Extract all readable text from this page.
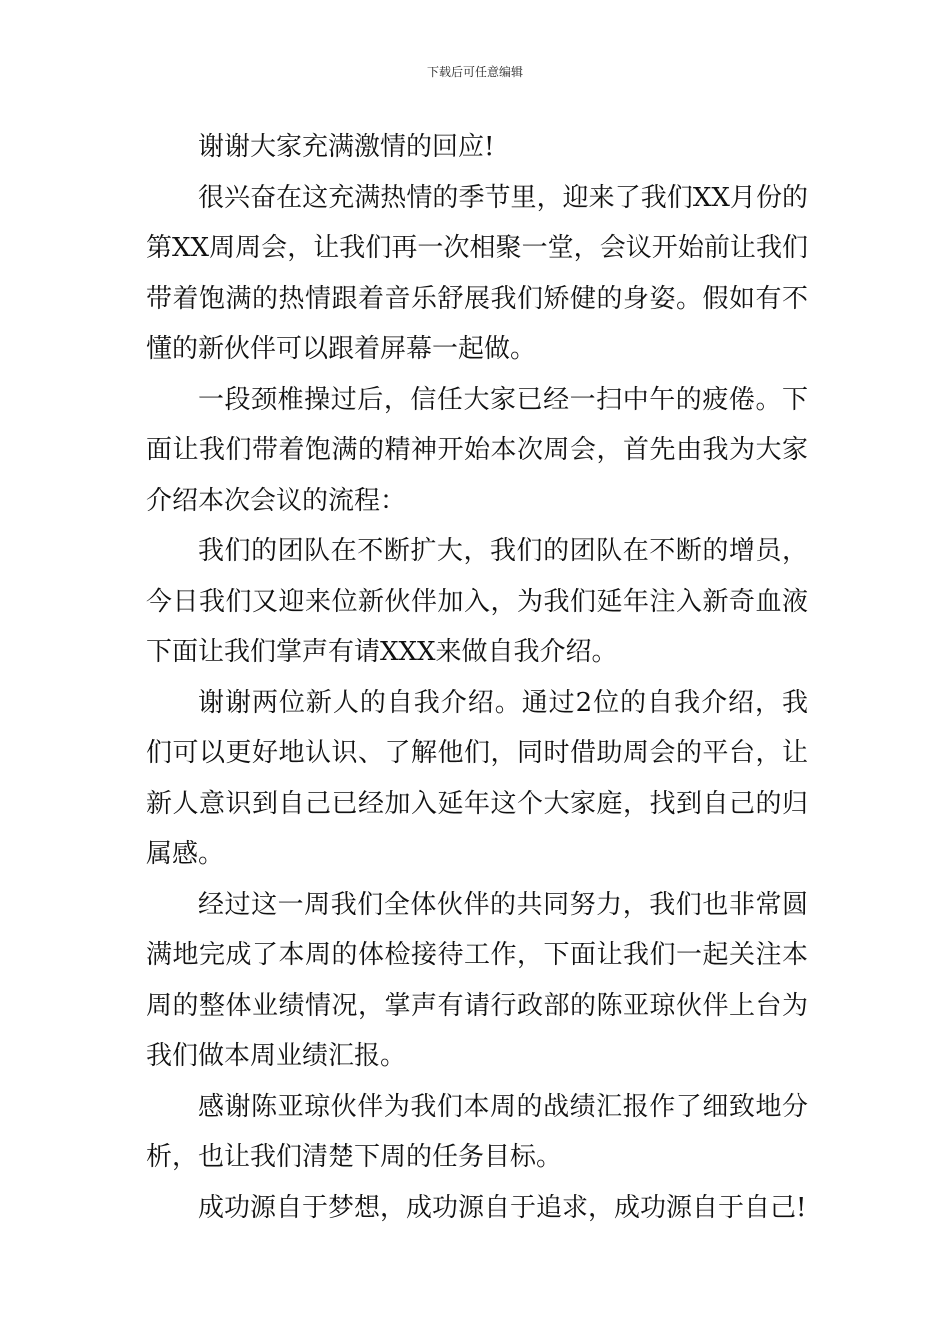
下载后可任意编辑

谢谢大家充满激情的回应!

很兴奋在这充满热情的季节里，迎来了我们XX月份的第XX周周会，让我们再一次相聚一堂，会议开始前让我们带着饱满的热情跟着音乐舒展我们矫健的身姿。假如有不懂的新伙伴可以跟着屏幕一起做。

一段颈椎操过后，信任大家已经一扫中午的疲倦。下面让我们带着饱满的精神开始本次周会，首先由我为大家介绍本次会议的流程：

我们的团队在不断扩大，我们的团队在不断的增员，今日我们又迎来位新伙伴加入，为我们延年注入新奇血液下面让我们掌声有请XXX来做自我介绍。

谢谢两位新人的自我介绍。通过2位的自我介绍，我们可以更好地认识、了解他们，同时借助周会的平台，让新人意识到自己已经加入延年这个大家庭，找到自己的归属感。

经过这一周我们全体伙伴的共同努力，我们也非常圆满地完成了本周的体检接待工作，下面让我们一起关注本周的整体业绩情况，掌声有请行政部的陈亚琼伙伴上台为我们做本周业绩汇报。

感谢陈亚琼伙伴为我们本周的战绩汇报作了细致地分析，也让我们清楚下周的任务目标。

成功源自于梦想，成功源自于追求，成功源自于自己!
